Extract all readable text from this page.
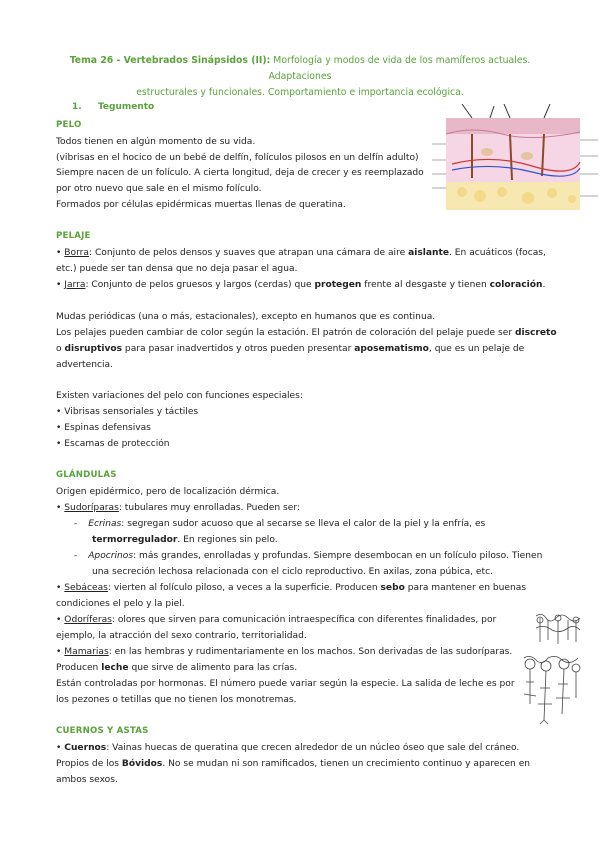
Tema 26 - Vertebrados Sinápsidos (II): Morfología y modos de vida de los mamíferos actuales. Adaptaciones
estructurales y funcionales. Comportamiento e importancia ecológica.
1. Tegumento
PELO
Todos tienen en algún momento de su vida.
(vibrisas en el hocico de un bebé de delfín, folículos pilosos en un delfín adulto)
Siempre nacen de un folículo. A cierta longitud, deja de crecer y es reemplazado
por otro nuevo que sale en el mismo folículo.
Formados por células epidérmicas muertas llenas de queratina.
PELAJE
• Borra: Conjunto de pelos densos y suaves que atrapan una cámara de aire aislante. En acuáticos (focas,
etc.) puede ser tan densa que no deja pasar el agua.
• Jarra: Conjunto de pelos gruesos y largos (cerdas) que protegen frente al desgaste y tienen coloración.
Mudas periódicas (una o más, estacionales), excepto en humanos que es continua.
Los pelajes pueden cambiar de color según la estación. El patrón de coloración del pelaje puede ser discreto
o disruptivos para pasar inadvertidos y otros pueden presentar aposematismo, que es un pelaje de
advertencia.
Existen variaciones del pelo con funciones especiales:
• Vibrisas sensoriales y táctiles
• Espinas defensivas
• Escamas de protección
GLÁNDULAS
Origen epidérmico, pero de localización dérmica.
• Sudoríparas: tubulares muy enrolladas. Pueden ser:
- Ecrinas: segregan sudor acuoso que al secarse se lleva el calor de la piel y la enfría, es
termorregulador. En regiones sin pelo.
- Apocrinos: más grandes, enrolladas y profundas. Siempre desembocan en un folículo piloso. Tienen
una secreción lechosa relacionada con el ciclo reproductivo. En axilas, zona púbica, etc.
• Sebáceas: vierten al folículo piloso, a veces a la superficie. Producen sebo para mantener en buenas
condiciones el pelo y la piel.
• Odoríferas: olores que sirven para comunicación intraespecífica con diferentes finalidades, por
ejemplo, la atracción del sexo contrario, territorialidad.
• Mamarias: en las hembras y rudimentariamente en los machos. Son derivadas de las sudoríparas.
Producen leche que sirve de alimento para las crías.
Están controladas por hormonas. El número puede variar según la especie. La salida de leche es por
los pezones o tetillas que no tienen los monotremas.
CUERNOS Y ASTAS
• Cuernos: Vainas huecas de queratina que crecen alrededor de un núcleo óseo que sale del cráneo.
Propios de los Bóvidos. No se mudan ni son ramificados, tienen un crecimiento continuo y aparecen en
ambos sexos.
